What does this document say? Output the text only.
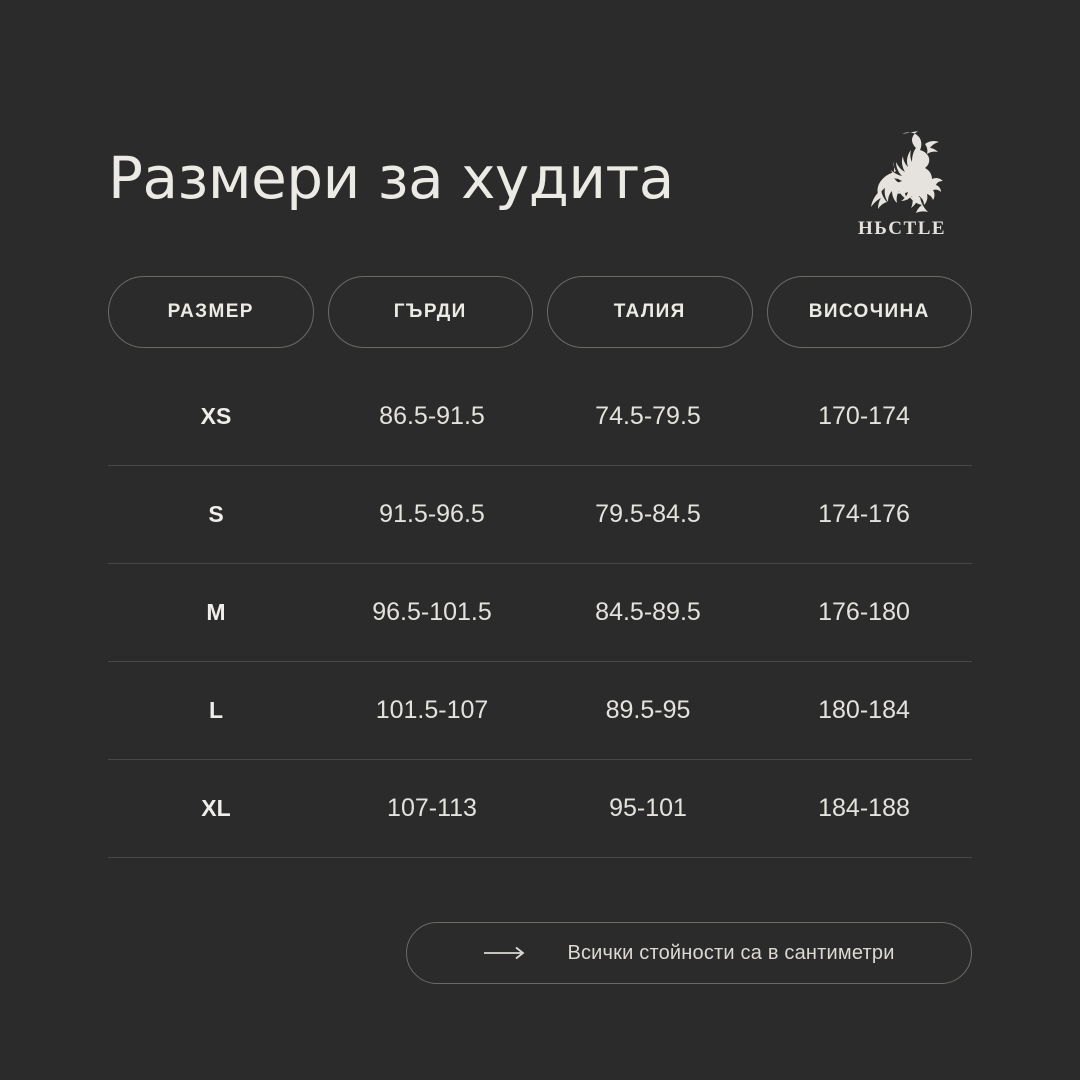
Размери за худита
HЬCTLE
РАЗМЕР	ГЪРДИ	ТАЛИЯ	ВИСОЧИНА
XS	86.5-91.5	74.5-79.5	170-174
S	91.5-96.5	79.5-84.5	174-176
M	96.5-101.5	84.5-89.5	176-180
L	101.5-107	89.5-95	180-184
XL	107-113	95-101	184-188
Всички стойности са в сантиметри
